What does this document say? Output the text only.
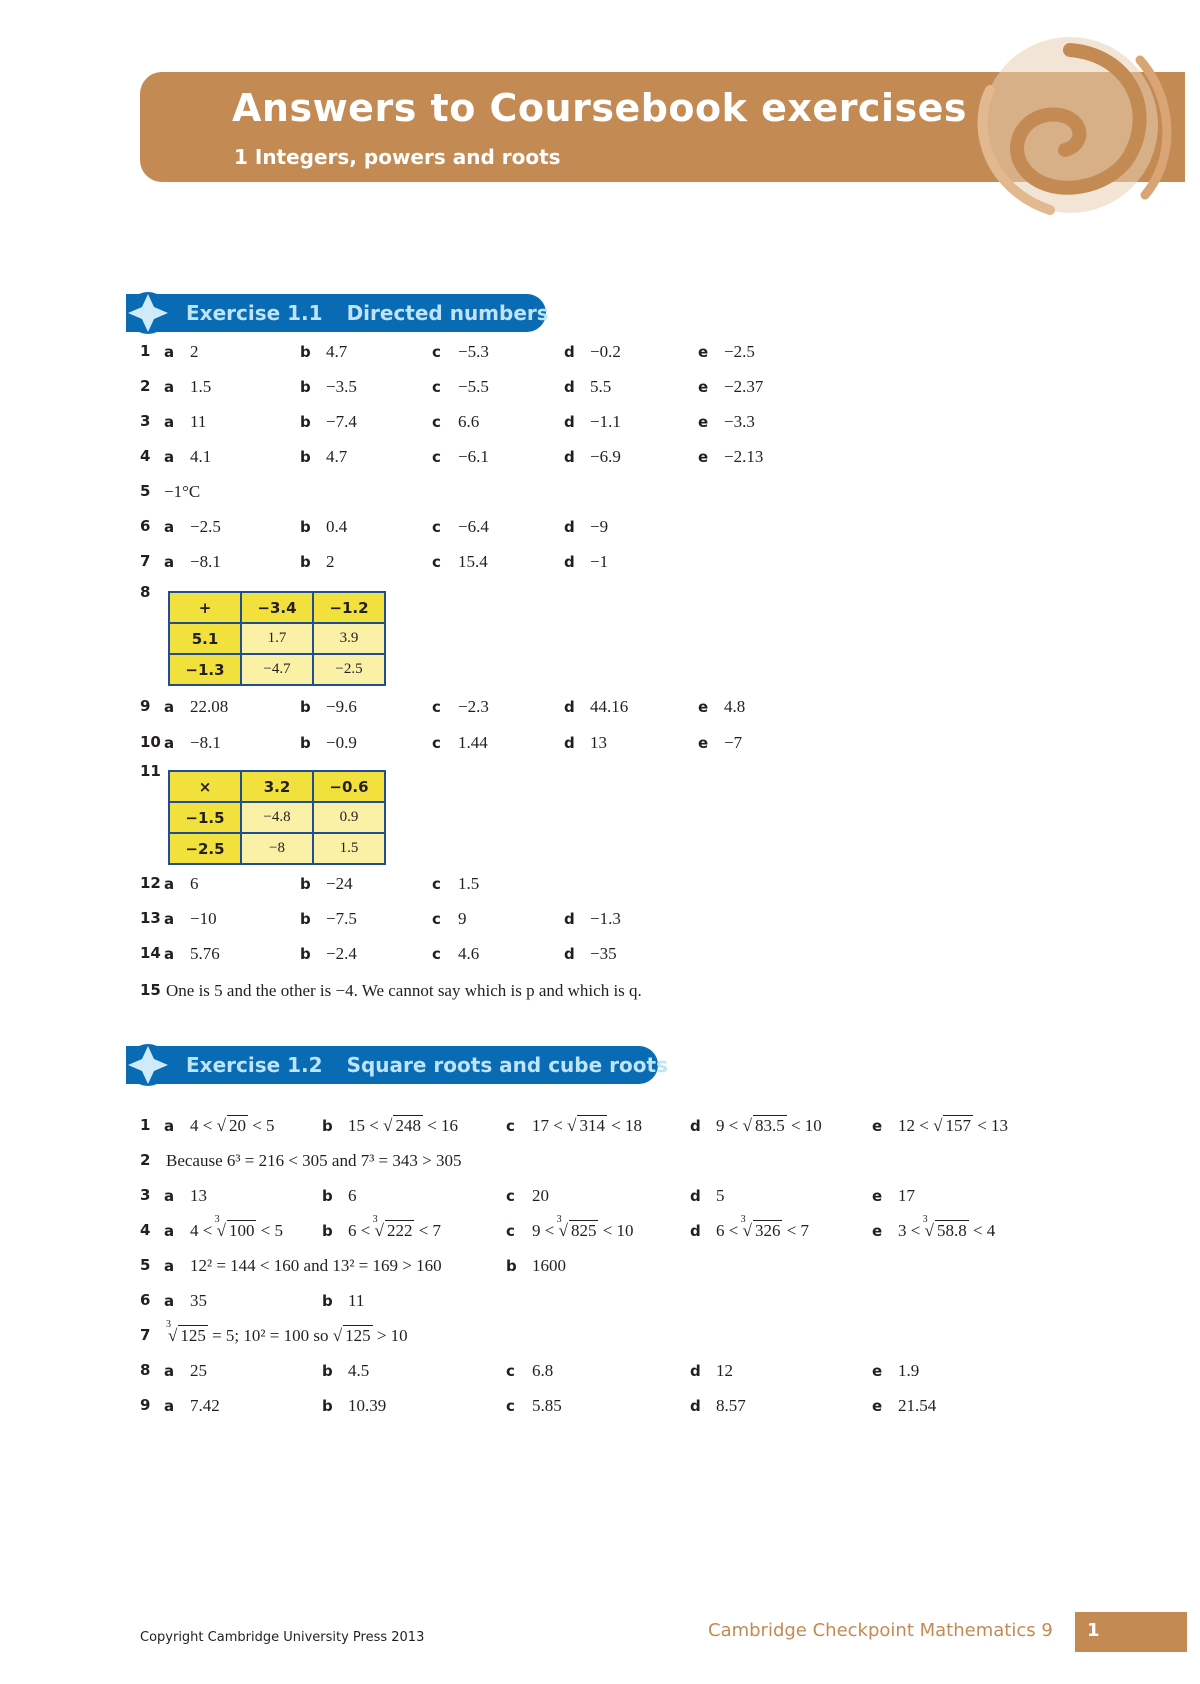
Answers to Coursebook exercises
1 Integers, powers and roots
Exercise 1.1 Directed numbers
1 a 2	b 4.7	c −5.3	d −0.2	e −2.5
2 a 1.5	b −3.5	c −5.5	d 5.5	e −2.37
3 a 11	b −7.4	c 6.6	d −1.1	e −3.3
4 a 4.1	b 4.7	c −6.1	d −6.9	e −2.13
5 −1°C
6 a −2.5	b 0.4	c −6.4	d −9
7 a −8.1	b 2	c 15.4	d −1
8
+	−3.4	−1.2
5.1	1.7	3.9
−1.3	−4.7	−2.5
9 a 22.08	b −9.6	c −2.3	d 44.16	e 4.8
10 a −8.1	b −0.9	c 1.44	d 13	e −7
11
×	3.2	−0.6
−1.5	−4.8	0.9
−2.5	−8	1.5
12 a 6	b −24	c 1.5
13 a −10	b −7.5	c 9	d −1.3
14 a 5.76	b −2.4	c 4.6	d −35
15 One is 5 and the other is −4. We cannot say which is p and which is q.
Exercise 1.2 Square roots and cube roots
1 a 4 < √ 20 < 5	b 15 < √ 248 < 16	c 17 < √ 314 < 18	d 9 < √ 83.5 < 10	e 12 < √ 157 < 13
2 Because 6³ = 216 < 305 and 7³ = 343 > 305
3 a 13	b 6	c 20	d 5	e 17
4 a 4 <
3
√ 100 < 5	b 6 <
3
√ 222 < 7	c 9 <
3
√ 825 < 10	d 6 <
3
√ 326 < 7	e 3 <
3
√ 58.8 < 4
5 a 12² = 144 < 160 and 13² = 169 > 160	b 1600
6 a 35	b 11
7
3
√ 125 = 5; 10² = 100 so √ 125 > 10
8 a 25	b 4.5	c 6.8	d 12	e 1.9
9 a 7.42	b 10.39	c 5.85	d 8.57	e 21.54
Copyright Cambridge University Press 2013	Cambridge Checkpoint Mathematics 9 1
